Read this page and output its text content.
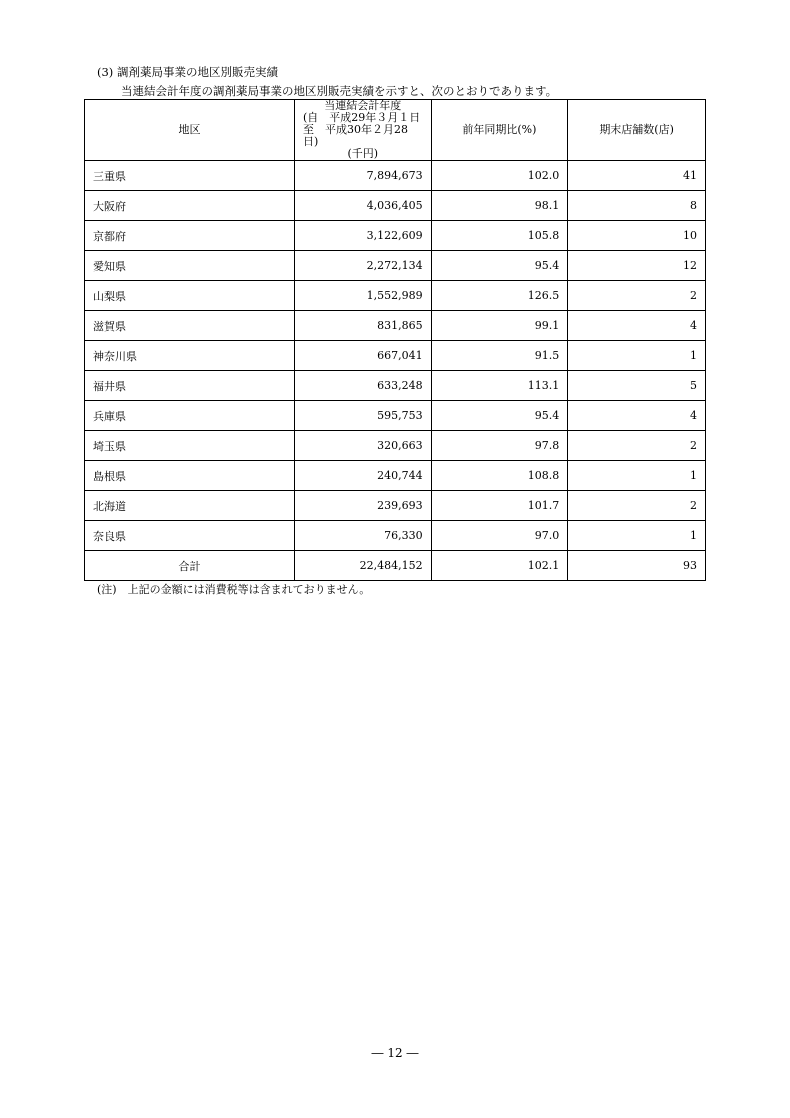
(3) 調剤薬局事業の地区別販売実績
当連結会計年度の調剤薬局事業の地区別販売実績を示すと、次のとおりであります。
地区	当連結会計年度
(自　平成29年３月１日
至　平成30年２月28日)
(千円)	前年同期比(%)	期末店舗数(店)
三重県	7,894,673	102.0	41
大阪府	4,036,405	98.1	8
京都府	3,122,609	105.8	10
愛知県	2,272,134	95.4	12
山梨県	1,552,989	126.5	2
滋賀県	831,865	99.1	4
神奈川県	667,041	91.5	1
福井県	633,248	113.1	5
兵庫県	595,753	95.4	4
埼玉県	320,663	97.8	2
島根県	240,744	108.8	1
北海道	239,693	101.7	2
奈良県	76,330	97.0	1
合計	22,484,152	102.1	93
(注)　上記の金額には消費税等は含まれておりません。
― 12 ―
